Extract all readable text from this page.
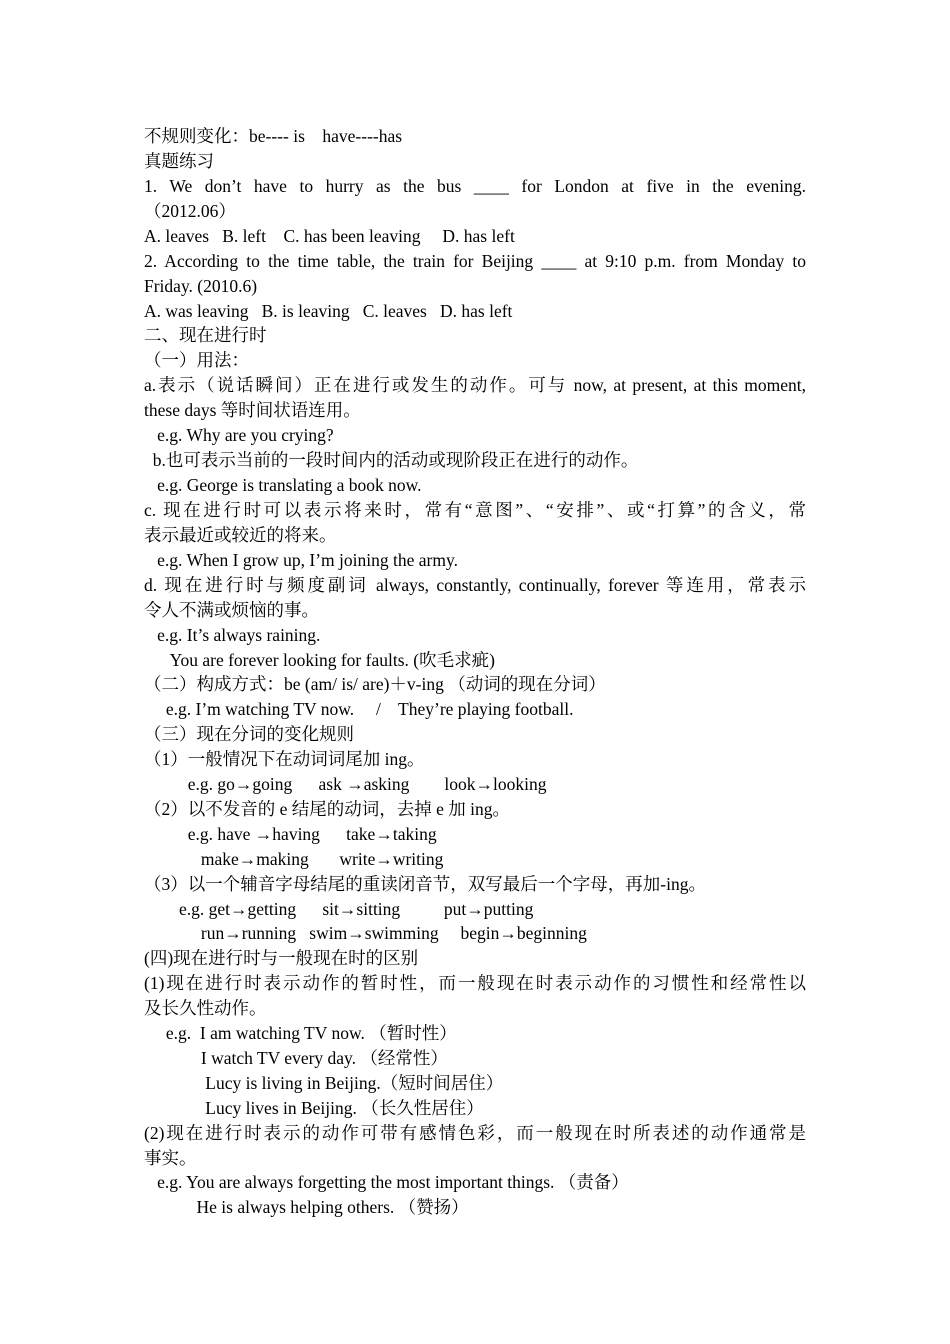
不规则变化：be---- is    have----has
真题练习
1. We don’t have to hurry as the bus ____ for London at five in the evening.
（2012.06）
A. leaves   B. left    C. has been leaving     D. has left
2. According to the time table, the train for Beijing ____ at 9:10 p.m. from Monday to
Friday. (2010.6)
A. was leaving   B. is leaving   C. leaves   D. has left
二、现在进行时
（一）用法：
a.表示（说话瞬间）正在进行或发生的动作。可与 now, at present, at this moment,
these days 等时间状语连用。
e.g. Why are you crying?
b.也可表示当前的一段时间内的活动或现阶段正在进行的动作。
e.g. George is translating a book now.
c. 现在进行时可以表示将来时，常有“意图”、“安排”、或“打算”的含义，常
表示最近或较近的将来。
e.g. When I grow up, I’m joining the army.
d. 现在进行时与频度副词 always, constantly, continually, forever 等连用，常表示
令人不满或烦恼的事。
e.g. It’s always raining.
You are forever looking for faults. (吹毛求疵)
（二）构成方式：be (am/ is/ are)＋v-ing （动词的现在分词）
e.g. I’m watching TV now.     /    They’re playing football.
（三）现在分词的变化规则
（1）一般情况下在动词词尾加 ing。
e.g. go→going      ask →asking        look→looking
（2）以不发音的 e 结尾的动词，去掉 e 加 ing。
e.g. have →having      take→taking
make→making       write→writing
（3）以一个辅音字母结尾的重读闭音节，双写最后一个字母，再加-ing。
e.g. get→getting      sit→sitting          put→putting
run→running   swim→swimming     begin→beginning
(四)现在进行时与一般现在时的区别
(1)现在进行时表示动作的暂时性，而一般现在时表示动作的习惯性和经常性以
及长久性动作。
e.g.  I am watching TV now. （暂时性）
I watch TV every day. （经常性）
Lucy is living in Beijing.（短时间居住）
Lucy lives in Beijing. （长久性居住）
(2)现在进行时表示的动作可带有感情色彩，而一般现在时所表述的动作通常是
事实。
e.g. You are always forgetting the most important things. （责备）
He is always helping others. （赞扬）
